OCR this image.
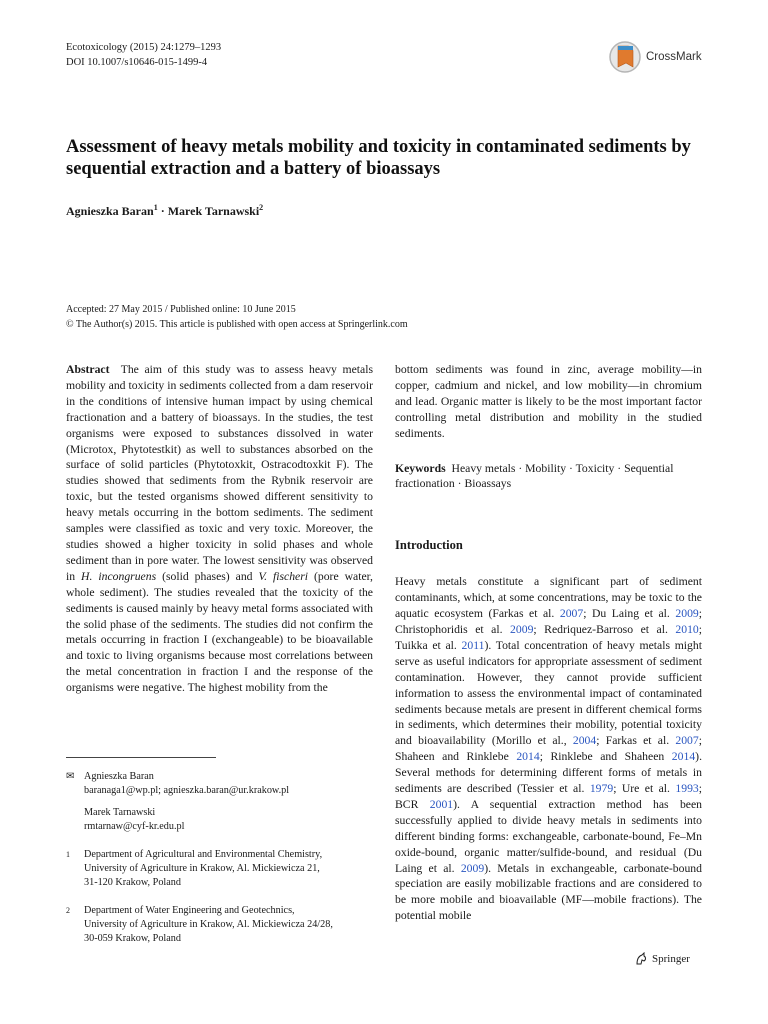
Ecotoxicology (2015) 24:1279–1293
DOI 10.1007/s10646-015-1499-4	CrossMark
Assessment of heavy metals mobility and toxicity in contaminated sediments by sequential extraction and a battery of bioassays
Agnieszka Baran$^1$ · Marek Tarnawski$^2$
Accepted: 27 May 2015 / Published online: 10 June 2015
© The Author(s) 2015. This article is published with open access at Springerlink.com

Abstract The aim of this study was to assess heavy metals mobility and toxicity in sediments collected from a dam reservoir in the conditions of intensive human impact by using chemical fractionation and a battery of bioassays. In the studies, the test organisms were exposed to substances dissolved in water (Microtox, Phytotestkit) as well to substances absorbed on the surface of solid particles (Phytotoxkit, Ostracodtoxkit F). The studies showed that sediments from the Rybnik reservoir are toxic, but the tested organisms showed different sensitivity to heavy metals occurring in the bottom sediments. The sediment samples were classified as toxic and very toxic. Moreover, the studies showed a higher toxicity in solid phases and whole sediment than in pore water. The lowest sensitivity was observed in H. incongruens (solid phases) and V. fischeri (pore water, whole sediment). The studies revealed that the toxicity of the sediments is caused mainly by heavy metal forms associated with the solid phase of the sediments. The studies did not confirm the metals occurring in fraction I (exchangeable) to be bioavailable and toxic to living organisms because most correlations between the metal concentration in fraction I and the response of the organisms were negative. The highest mobility from the

✉ Agnieszka Baran
baranaga1@wp.pl; agnieszka.baran@ur.krakow.pl
Marek Tarnawski
rmtarnaw@cyf-kr.edu.pl
1 Department of Agricultural and Environmental Chemistry,
University of Agriculture in Krakow, Al. Mickiewicza 21,
31-120 Krakow, Poland
2 Department of Water Engineering and Geotechnics,
University of Agriculture in Krakow, Al. Mickiewicza 24/28,
30-059 Krakow, Poland

bottom sediments was found in zinc, average mobility—in copper, cadmium and nickel, and low mobility—in chromium and lead. Organic matter is likely to be the most important factor controlling metal distribution and mobility in the studied sediments.

Keywords Heavy metals · Mobility · Toxicity · Sequential fractionation · Bioassays

Introduction

Heavy metals constitute a significant part of sediment contaminants, which, at some concentrations, may be toxic to the aquatic ecosystem (Farkas et al. 2007; Du Laing et al. 2009; Christophoridis et al. 2009; Redriquez-Barroso et al. 2010; Tuikka et al. 2011). Total concentration of heavy metals might serve as useful indicators for appropriate assessment of sediment contamination. However, they cannot provide sufficient information to assess the environmental impact of contaminated sediments because metals are present in different chemical forms in sediments, which determines their mobility, potential toxicity and bioavailability (Morillo et al., 2004; Farkas et al. 2007; Shaheen and Rinklebe 2014; Rinklebe and Shaheen 2014). Several methods for determining different forms of metals in sediments are described (Tessier et al. 1979; Ure et al. 1993; BCR 2001). A sequential extraction method has been successfully applied to divide heavy metals in sediments into different binding forms: exchangeable, carbonate-bound, Fe–Mn oxide-bound, organic matter/sulfide-bound, and residual (Du Laing et al. 2009). Metals in exchangeable, carbonate-bound speciation are easily mobilizable fractions and are considered to be more mobile and bioavailable (MF—mobile fractions). The potential mobile

Springer
